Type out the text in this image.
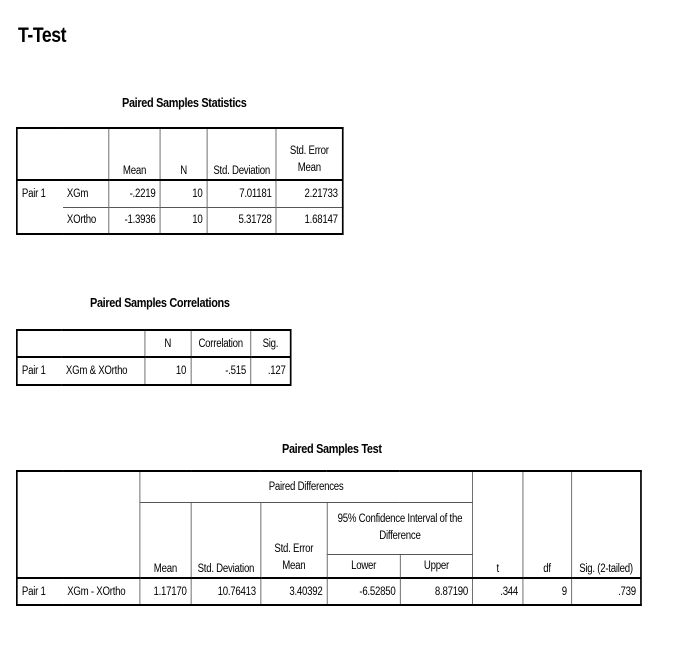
T-Test
Paired Samples Statistics
		Mean	N	Std. Deviation	Std. Error Mean
Pair 1	XGm	-.2219	10	7.01181	2.21733
	XOrtho	-1.3936	10	5.31728	1.68147
Paired Samples Correlations
		N	Correlation	Sig.
Pair 1	XGm & XOrtho	10	-.515	.127
Paired Samples Test
		Paired Differences					t	df	Sig. (2-tailed)
		Mean	Std. Deviation	Std. Error Mean	95% Confidence Interval of the Difference				
					Lower	Upper			
Pair 1	XGm - XOrtho	1.17170	10.76413	3.40392	-6.52850	8.87190	.344	9	.739
